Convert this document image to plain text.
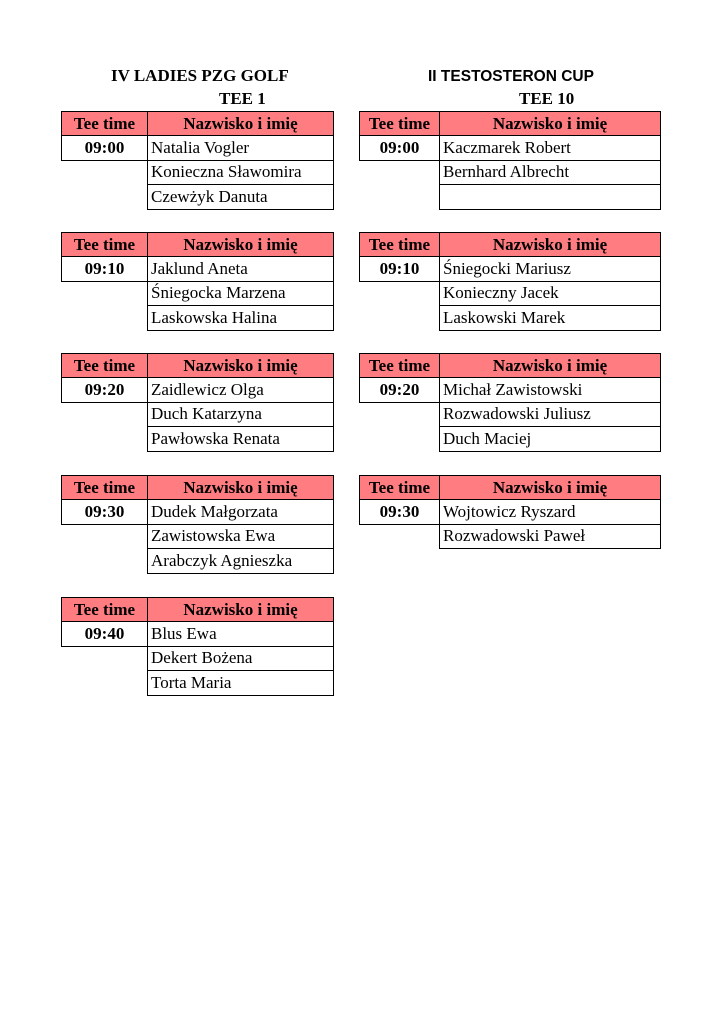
IV LADIES PZG GOLF
TEE 1
II TESTOSTERON CUP
TEE 10
Tee time	Nazwisko i imię
09:00	Natalia Vogler
	Konieczna Sławomira
	Czewżyk Danuta
Tee time	Nazwisko i imię
09:10	Jaklund Aneta
	Śniegocka Marzena
	Laskowska Halina
Tee time	Nazwisko i imię
09:20	Zaidlewicz Olga
	Duch Katarzyna
	Pawłowska Renata
Tee time	Nazwisko i imię
09:30	Dudek Małgorzata
	Zawistowska Ewa
	Arabczyk Agnieszka
Tee time	Nazwisko i imię
09:40	Blus Ewa
	Dekert Bożena
	Torta Maria
Tee time	Nazwisko i imię
09:00	Kaczmarek Robert
	Bernhard Albrecht

Tee time	Nazwisko i imię
09:10	Śniegocki Mariusz
	Konieczny Jacek
	Laskowski Marek
Tee time	Nazwisko i imię
09:20	Michał Zawistowski
	Rozwadowski Juliusz
	Duch Maciej
Tee time	Nazwisko i imię
09:30	Wojtowicz Ryszard
	Rozwadowski Paweł
